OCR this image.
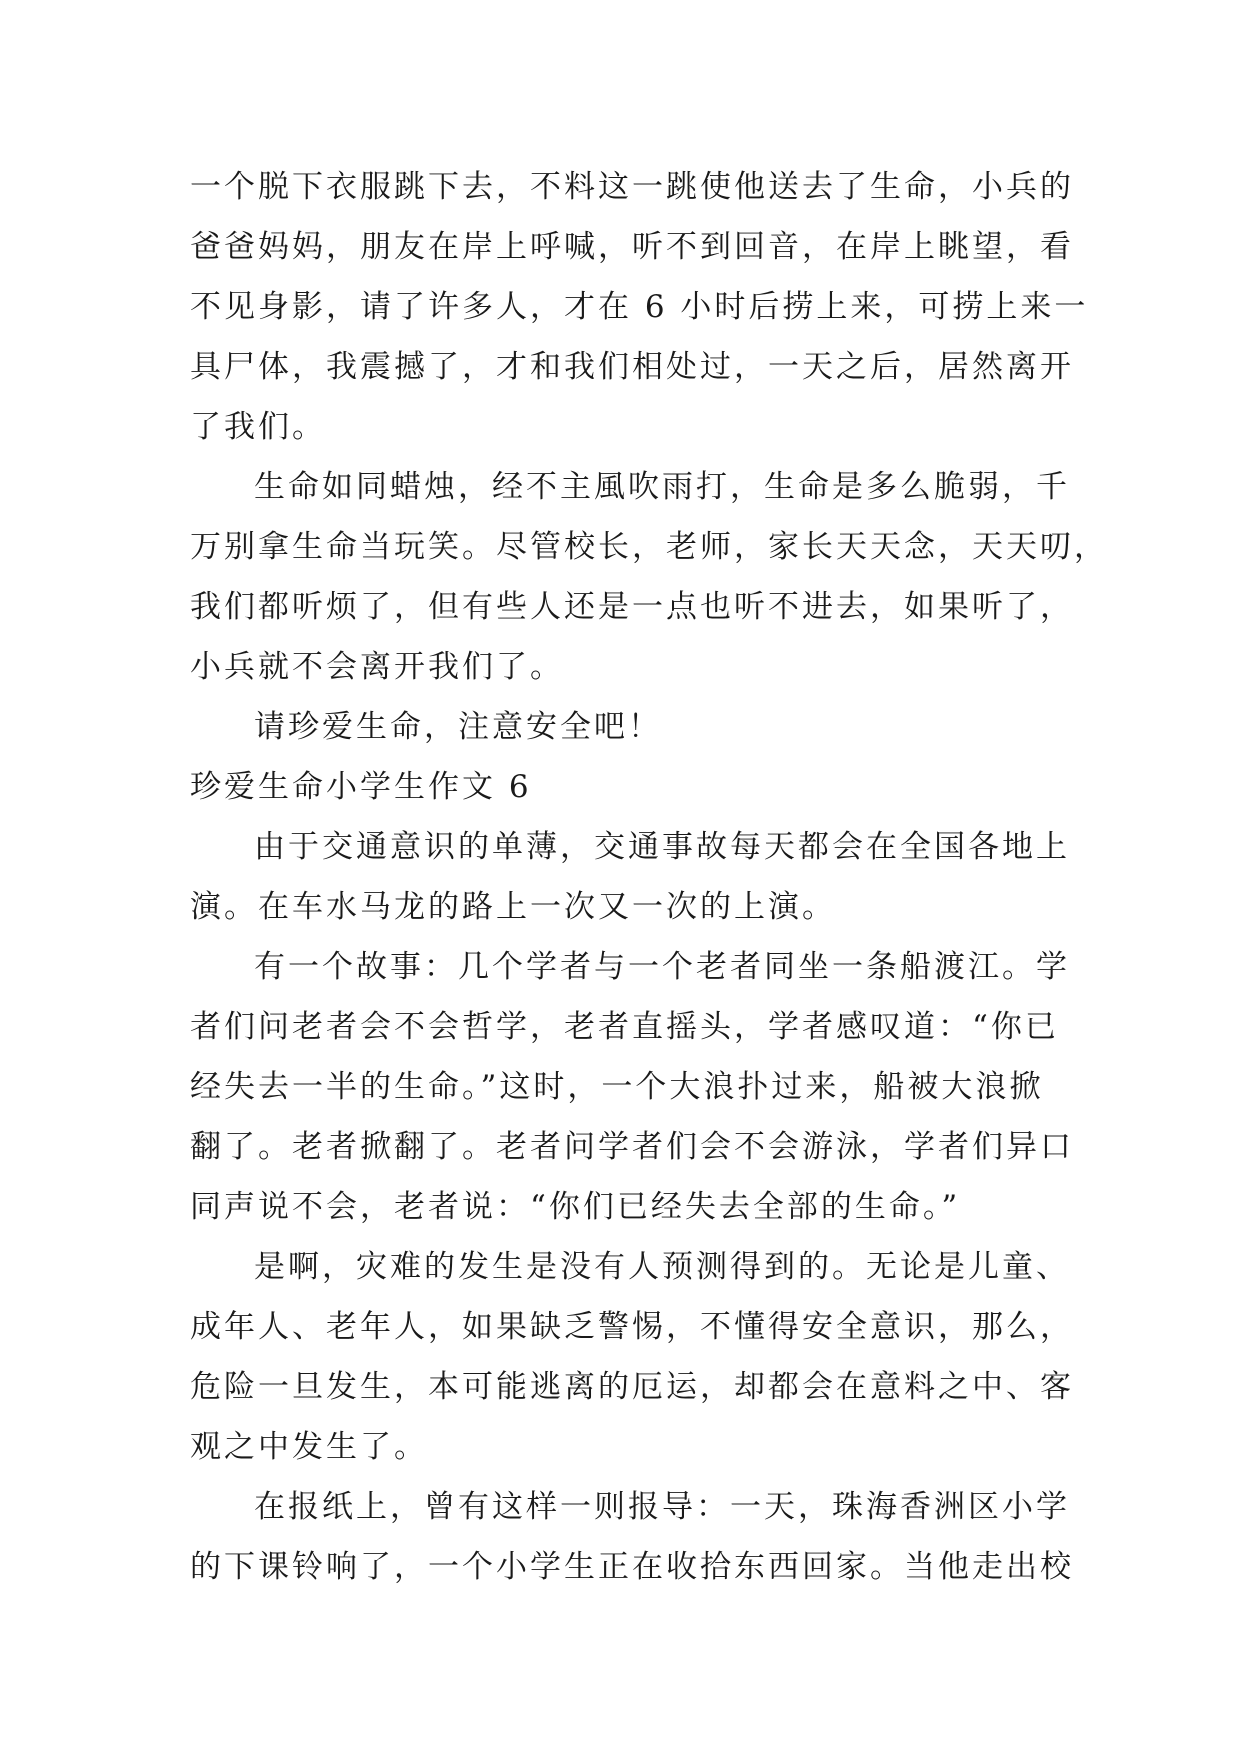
一个脱下衣服跳下去，不料这一跳使他送去了生命，小兵的
爸爸妈妈，朋友在岸上呼喊，听不到回音，在岸上眺望，看
不见身影，请了许多人，才在 6 小时后捞上来，可捞上来一
具尸体，我震撼了，才和我们相处过，一天之后，居然离开
了我们。
生命如同蜡烛，经不主風吹雨打，生命是多么脆弱，千
万别拿生命当玩笑。尽管校长，老师，家长天天念，天天叨，
我们都听烦了，但有些人还是一点也听不进去，如果听了，
小兵就不会离开我们了。
请珍爱生命，注意安全吧！
珍爱生命小学生作文 6
由于交通意识的单薄，交通事故每天都会在全国各地上
演。在车水马龙的路上一次又一次的上演。
有一个故事：几个学者与一个老者同坐一条船渡江。学
者们问老者会不会哲学，老者直摇头，学者感叹道：“你已
经失去一半的生命。”这时，一个大浪扑过来，船被大浪掀
翻了。老者掀翻了。老者问学者们会不会游泳，学者们异口
同声说不会，老者说：“你们已经失去全部的生命。”
是啊，灾难的发生是没有人预测得到的。无论是儿童、
成年人、老年人，如果缺乏警惕，不懂得安全意识，那么，
危险一旦发生，本可能逃离的厄运，却都会在意料之中、客
观之中发生了。
在报纸上，曾有这样一则报导：一天，珠海香洲区小学
的下课铃响了，一个小学生正在收拾东西回家。当他走出校
